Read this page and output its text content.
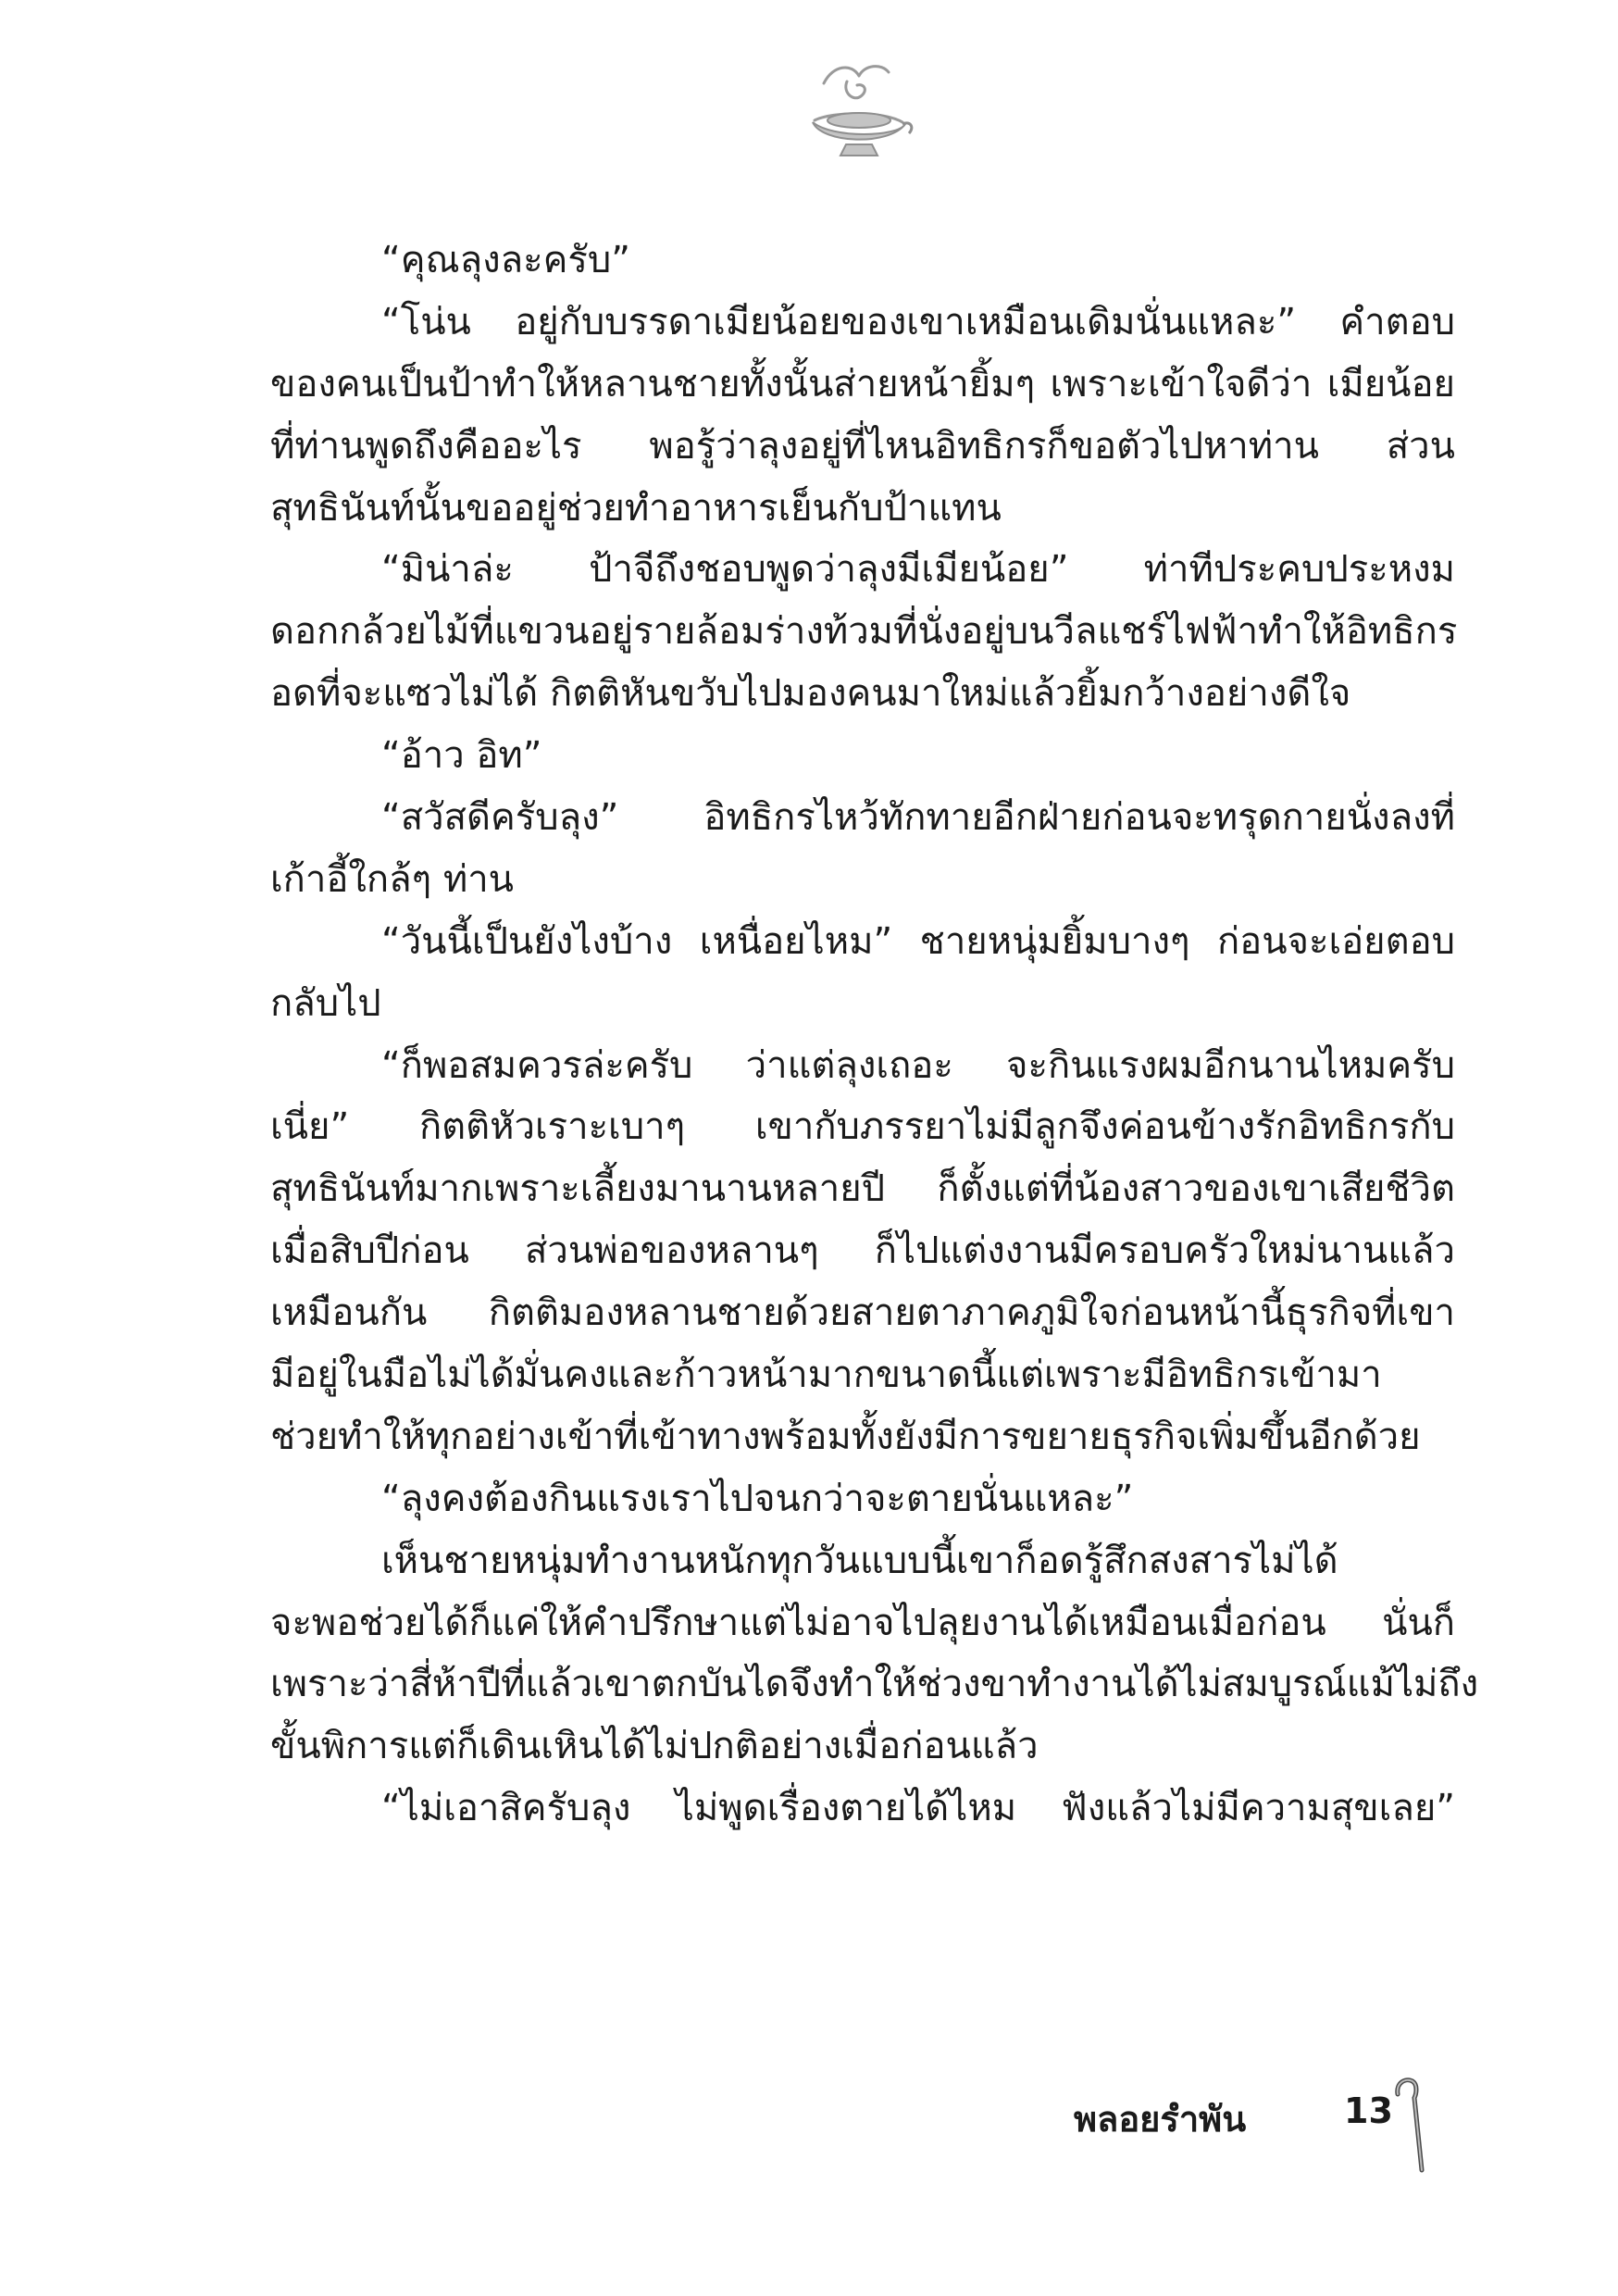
“คุณลุงละครับ”
“โน่น อยู่กับบรรดาเมียน้อยของเขาเหมือนเดิมนั่นแหละ” คำตอบ
ของคนเป็นป้าทำให้หลานชายทั้งนั้นส่ายหน้ายิ้มๆ เพราะเข้าใจดีว่า เมียน้อย
ที่ท่านพูดถึงคืออะไร พอรู้ว่าลุงอยู่ที่ไหนอิทธิกรก็ขอตัวไปหาท่าน ส่วน
สุทธินันท์นั้นขออยู่ช่วยทำอาหารเย็นกับป้าแทน
“มิน่าล่ะ ป้าจีถึงชอบพูดว่าลุงมีเมียน้อย” ท่าทีประคบประหงม
ดอกกล้วยไม้ที่แขวนอยู่รายล้อมร่างท้วมที่นั่งอยู่บนวีลแชร์ไฟฟ้าทำให้อิทธิกร
อดที่จะแซวไม่ได้ กิตติหันขวับไปมองคนมาใหม่แล้วยิ้มกว้างอย่างดีใจ
“อ้าว อิท”
“สวัสดีครับลุง” อิทธิกรไหว้ทักทายอีกฝ่ายก่อนจะทรุดกายนั่งลงที่
เก้าอี้ใกล้ๆ ท่าน
“วันนี้เป็นยังไงบ้าง เหนื่อยไหม” ชายหนุ่มยิ้มบางๆ ก่อนจะเอ่ยตอบ
กลับไป
“ก็พอสมควรล่ะครับ ว่าแต่ลุงเถอะ จะกินแรงผมอีกนานไหมครับ
เนี่ย” กิตติหัวเราะเบาๆ เขากับภรรยาไม่มีลูกจึงค่อนข้างรักอิทธิกรกับ
สุทธินันท์มากเพราะเลี้ยงมานานหลายปี ก็ตั้งแต่ที่น้องสาวของเขาเสียชีวิต
เมื่อสิบปีก่อน ส่วนพ่อของหลานๆ ก็ไปแต่งงานมีครอบครัวใหม่นานแล้ว
เหมือนกัน กิตติมองหลานชายด้วยสายตาภาคภูมิใจก่อนหน้านี้ธุรกิจที่เขา
มีอยู่ในมือไม่ได้มั่นคงและก้าวหน้ามากขนาดนี้แต่เพราะมีอิทธิกรเข้ามา
ช่วยทำให้ทุกอย่างเข้าที่เข้าทางพร้อมทั้งยังมีการขยายธุรกิจเพิ่มขึ้นอีกด้วย
“ลุงคงต้องกินแรงเราไปจนกว่าจะตายนั่นแหละ”
เห็นชายหนุ่มทำงานหนักทุกวันแบบนี้เขาก็อดรู้สึกสงสารไม่ได้
จะพอช่วยได้ก็แค่ให้คำปรึกษาแต่ไม่อาจไปลุยงานได้เหมือนเมื่อก่อน นั่นก็
เพราะว่าสี่ห้าปีที่แล้วเขาตกบันไดจึงทำให้ช่วงขาทำงานได้ไม่สมบูรณ์แม้ไม่ถึง
ขั้นพิการแต่ก็เดินเหินได้ไม่ปกติอย่างเมื่อก่อนแล้ว
“ไม่เอาสิครับลุง ไม่พูดเรื่องตายได้ไหม ฟังแล้วไม่มีความสุขเลย”
พลอยรำพัน	13
